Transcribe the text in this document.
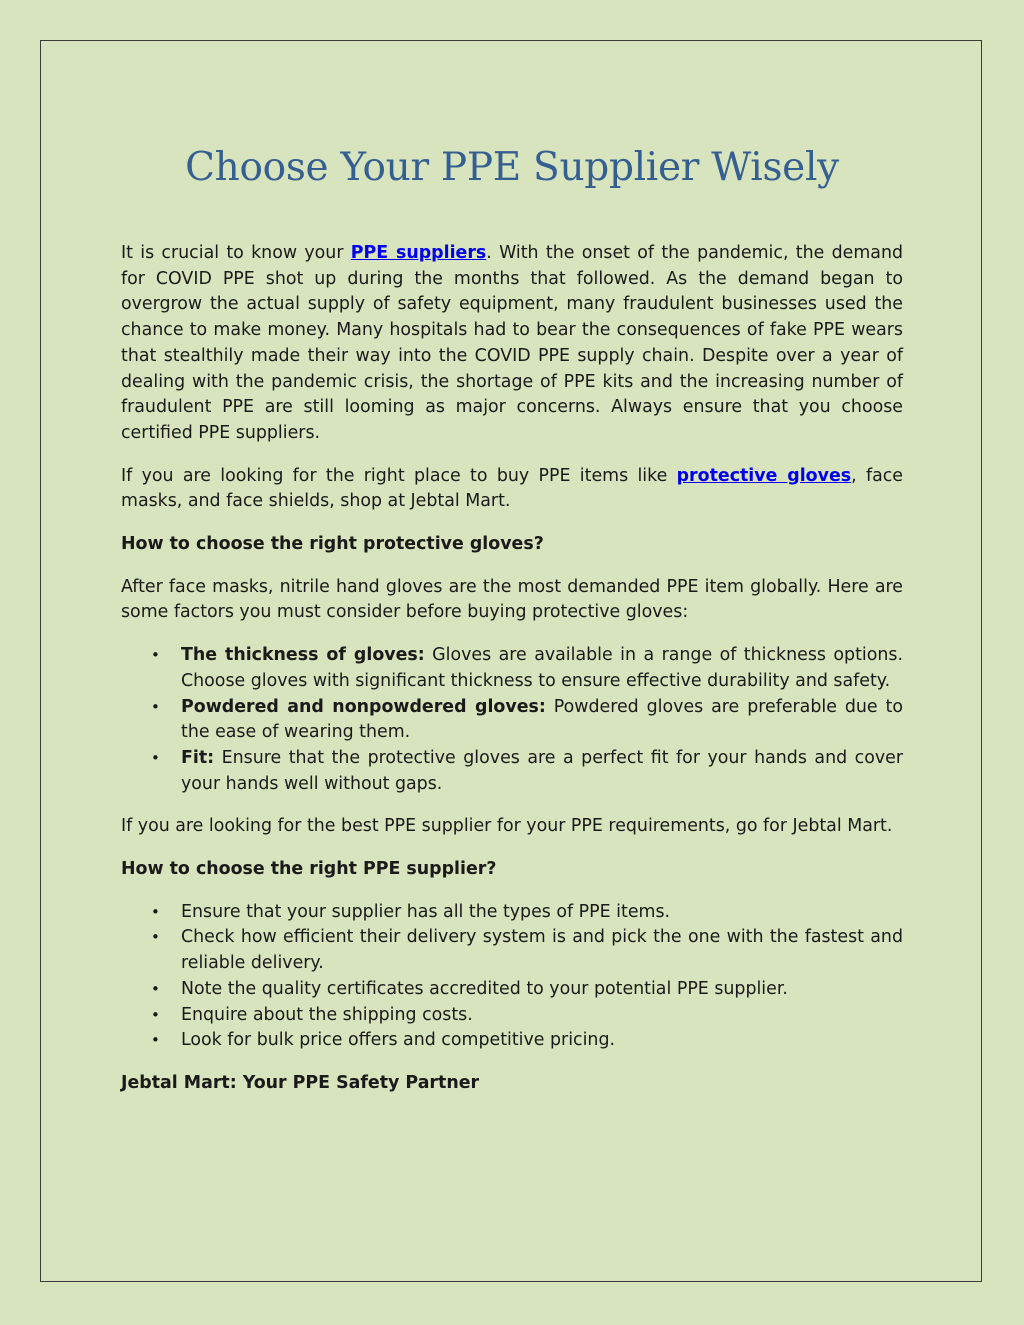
Choose Your PPE Supplier Wisely

It is crucial to know your PPE suppliers. With the onset of the pandemic, the demand for COVID PPE shot up during the months that followed. As the demand began to overgrow the actual supply of safety equipment, many fraudulent businesses used the chance to make money. Many hospitals had to bear the consequences of fake PPE wears that stealthily made their way into the COVID PPE supply chain. Despite over a year of dealing with the pandemic crisis, the shortage of PPE kits and the increasing number of fraudulent PPE are still looming as major concerns. Always ensure that you choose certified PPE suppliers.

If you are looking for the right place to buy PPE items like protective gloves, face masks, and face shields, shop at Jebtal Mart.

How to choose the right protective gloves?

After face masks, nitrile hand gloves are the most demanded PPE item globally. Here are some factors you must consider before buying protective gloves:

• The thickness of gloves: Gloves are available in a range of thickness options. Choose gloves with significant thickness to ensure effective durability and safety.
• Powdered and nonpowdered gloves: Powdered gloves are preferable due to the ease of wearing them.
• Fit: Ensure that the protective gloves are a perfect fit for your hands and cover your hands well without gaps.

If you are looking for the best PPE supplier for your PPE requirements, go for Jebtal Mart.

How to choose the right PPE supplier?

• Ensure that your supplier has all the types of PPE items.
• Check how efficient their delivery system is and pick the one with the fastest and reliable delivery.
• Note the quality certificates accredited to your potential PPE supplier.
• Enquire about the shipping costs.
• Look for bulk price offers and competitive pricing.

Jebtal Mart: Your PPE Safety Partner
